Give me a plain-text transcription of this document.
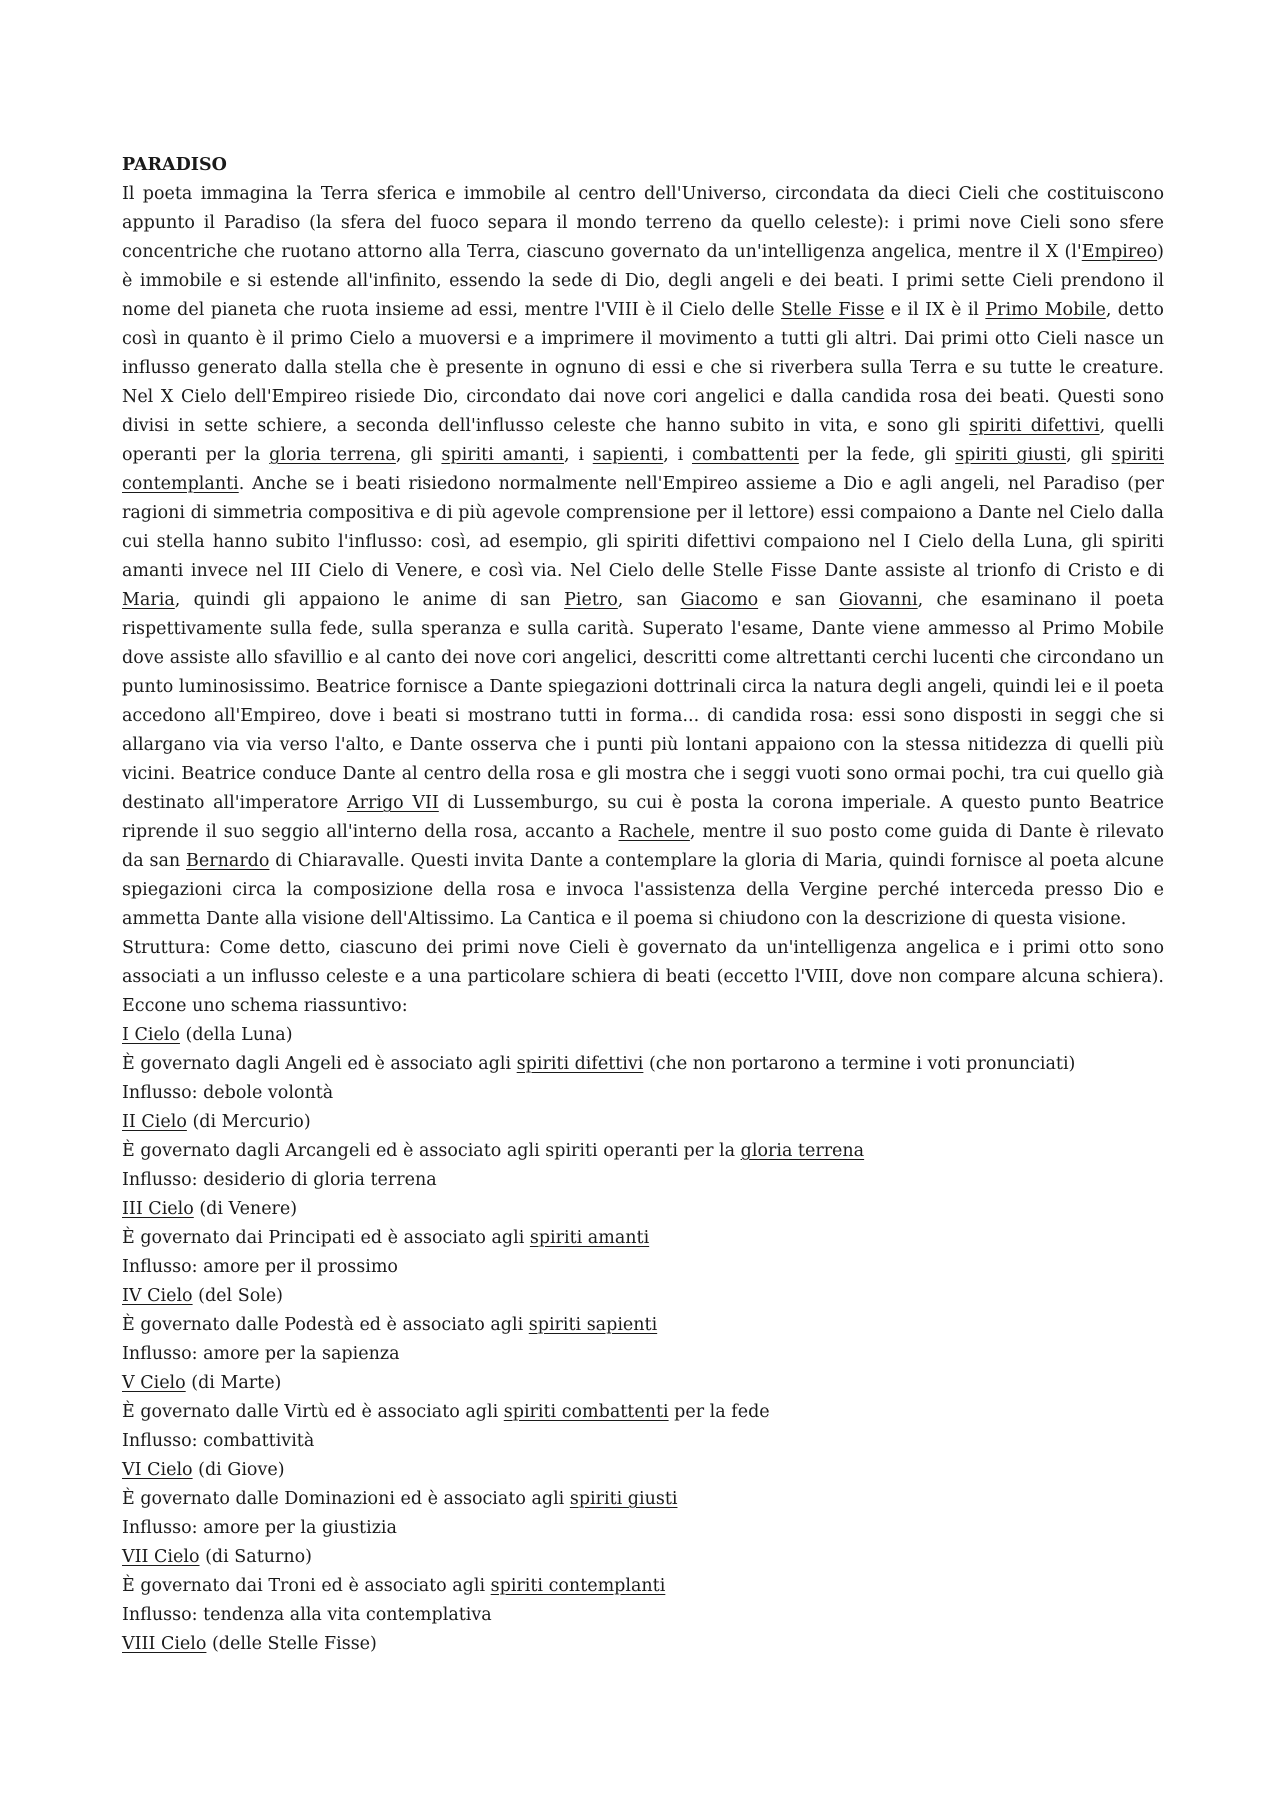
PARADISO

Il poeta immagina la Terra sferica e immobile al centro dell'Universo, circondata da dieci Cieli che costituiscono appunto il Paradiso (la sfera del fuoco separa il mondo terreno da quello celeste): i primi nove Cieli sono sfere concentriche che ruotano attorno alla Terra, ciascuno governato da un'intelligenza angelica, mentre il X (l'Empireo) è immobile e si estende all'infinito, essendo la sede di Dio, degli angeli e dei beati. I primi sette Cieli prendono il nome del pianeta che ruota insieme ad essi, mentre l'VIII è il Cielo delle Stelle Fisse e il IX è il Primo Mobile, detto così in quanto è il primo Cielo a muoversi e a imprimere il movimento a tutti gli altri. Dai primi otto Cieli nasce un influsso generato dalla stella che è presente in ognuno di essi e che si riverbera sulla Terra e su tutte le creature. Nel X Cielo dell'Empireo risiede Dio, circondato dai nove cori angelici e dalla candida rosa dei beati. Questi sono divisi in sette schiere, a seconda dell'influsso celeste che hanno subito in vita, e sono gli spiriti difettivi, quelli operanti per la gloria terrena, gli spiriti amanti, i sapienti, i combattenti per la fede, gli spiriti giusti, gli spiriti contemplanti. Anche se i beati risiedono normalmente nell'Empireo assieme a Dio e agli angeli, nel Paradiso (per ragioni di simmetria compositiva e di più agevole comprensione per il lettore) essi compaiono a Dante nel Cielo dalla cui stella hanno subito l'influsso: così, ad esempio, gli spiriti difettivi compaiono nel I Cielo della Luna, gli spiriti amanti invece nel III Cielo di Venere, e così via. Nel Cielo delle Stelle Fisse Dante assiste al trionfo di Cristo e di Maria, quindi gli appaiono le anime di san Pietro, san Giacomo e san Giovanni, che esaminano il poeta rispettivamente sulla fede, sulla speranza e sulla carità. Superato l'esame, Dante viene ammesso al Primo Mobile dove assiste allo sfavillio e al canto dei nove cori angelici, descritti come altrettanti cerchi lucenti che circondano un punto luminosissimo. Beatrice fornisce a Dante spiegazioni dottrinali circa la natura degli angeli, quindi lei e il poeta accedono all'Empireo, dove i beati si mostrano tutti in forma... di candida rosa: essi sono disposti in seggi che si allargano via via verso l'alto, e Dante osserva che i punti più lontani appaiono con la stessa nitidezza di quelli più vicini. Beatrice conduce Dante al centro della rosa e gli mostra che i seggi vuoti sono ormai pochi, tra cui quello già destinato all'imperatore Arrigo VII di Lussemburgo, su cui è posta la corona imperiale. A questo punto Beatrice riprende il suo seggio all'interno della rosa, accanto a Rachele, mentre il suo posto come guida di Dante è rilevato da san Bernardo di Chiaravalle. Questi invita Dante a contemplare la gloria di Maria, quindi fornisce al poeta alcune spiegazioni circa la composizione della rosa e invoca l'assistenza della Vergine perché interceda presso Dio e ammetta Dante alla visione dell'Altissimo. La Cantica e il poema si chiudono con la descrizione di questa visione.

Struttura: Come detto, ciascuno dei primi nove Cieli è governato da un'intelligenza angelica e i primi otto sono associati a un influsso celeste e a una particolare schiera di beati (eccetto l'VIII, dove non compare alcuna schiera). Eccone uno schema riassuntivo:

I Cielo (della Luna)

È governato dagli Angeli ed è associato agli spiriti difettivi (che non portarono a termine i voti pronunciati)

Influsso: debole volontà

II Cielo (di Mercurio)

È governato dagli Arcangeli ed è associato agli spiriti operanti per la gloria terrena

Influsso: desiderio di gloria terrena

III Cielo (di Venere)

È governato dai Principati ed è associato agli spiriti amanti

Influsso: amore per il prossimo

IV Cielo (del Sole)

È governato dalle Podestà ed è associato agli spiriti sapienti

Influsso: amore per la sapienza

V Cielo (di Marte)

È governato dalle Virtù ed è associato agli spiriti combattenti per la fede

Influsso: combattività

VI Cielo (di Giove)

È governato dalle Dominazioni ed è associato agli spiriti giusti

Influsso: amore per la giustizia

VII Cielo (di Saturno)

È governato dai Troni ed è associato agli spiriti contemplanti

Influsso: tendenza alla vita contemplativa

VIII Cielo (delle Stelle Fisse)
